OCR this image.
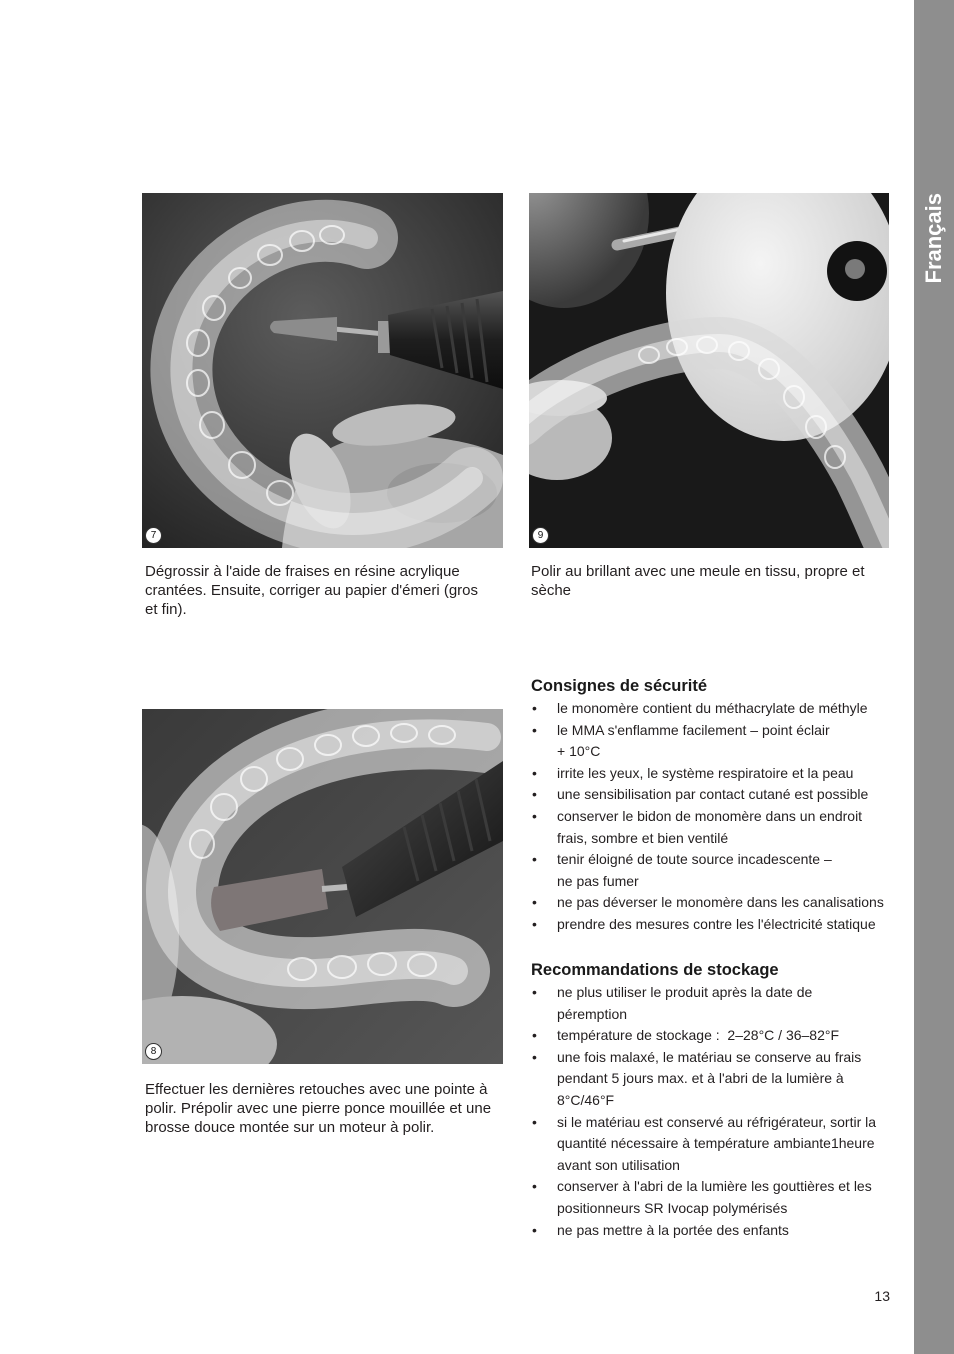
Français
7	9
Dégrossir à l'aide de fraises en résine acrylique
crantées. Ensuite, corriger au papier d'émeri (gros
et fin).
Polir au brillant avec une meule en tissu, propre et
sèche
8
Effectuer les dernières retouches avec une pointe à
polir. Prépolir avec une pierre ponce mouillée et une
brosse douce montée sur un moteur à polir.
Consignes de sécurité
• le monomère contient du méthacrylate de méthyle
• le MMA s'enflamme facilement – point éclair
+ 10°C
• irrite les yeux, le système respiratoire et la peau
• une sensibilisation par contact cutané est possible
• conserver le bidon de monomère dans un endroit
frais, sombre et bien ventilé
• tenir éloigné de toute source incadescente –
ne pas fumer
• ne pas déverser le monomère dans les canalisations
• prendre des mesures contre les l'électricité statique
Recommandations de stockage
• ne plus utiliser le produit après la date de
péremption
• température de stockage :  2–28°C / 36–82°F
• une fois malaxé, le matériau se conserve au frais
pendant 5 jours max. et à l'abri de la lumière à
8°C/46°F
• si le matériau est conservé au réfrigérateur, sortir la
quantité nécessaire à température ambiante1heure
avant son utilisation
• conserver à l'abri de la lumière les gouttières et les
positionneurs SR Ivocap polymérisés
• ne pas mettre à la portée des enfants
13
